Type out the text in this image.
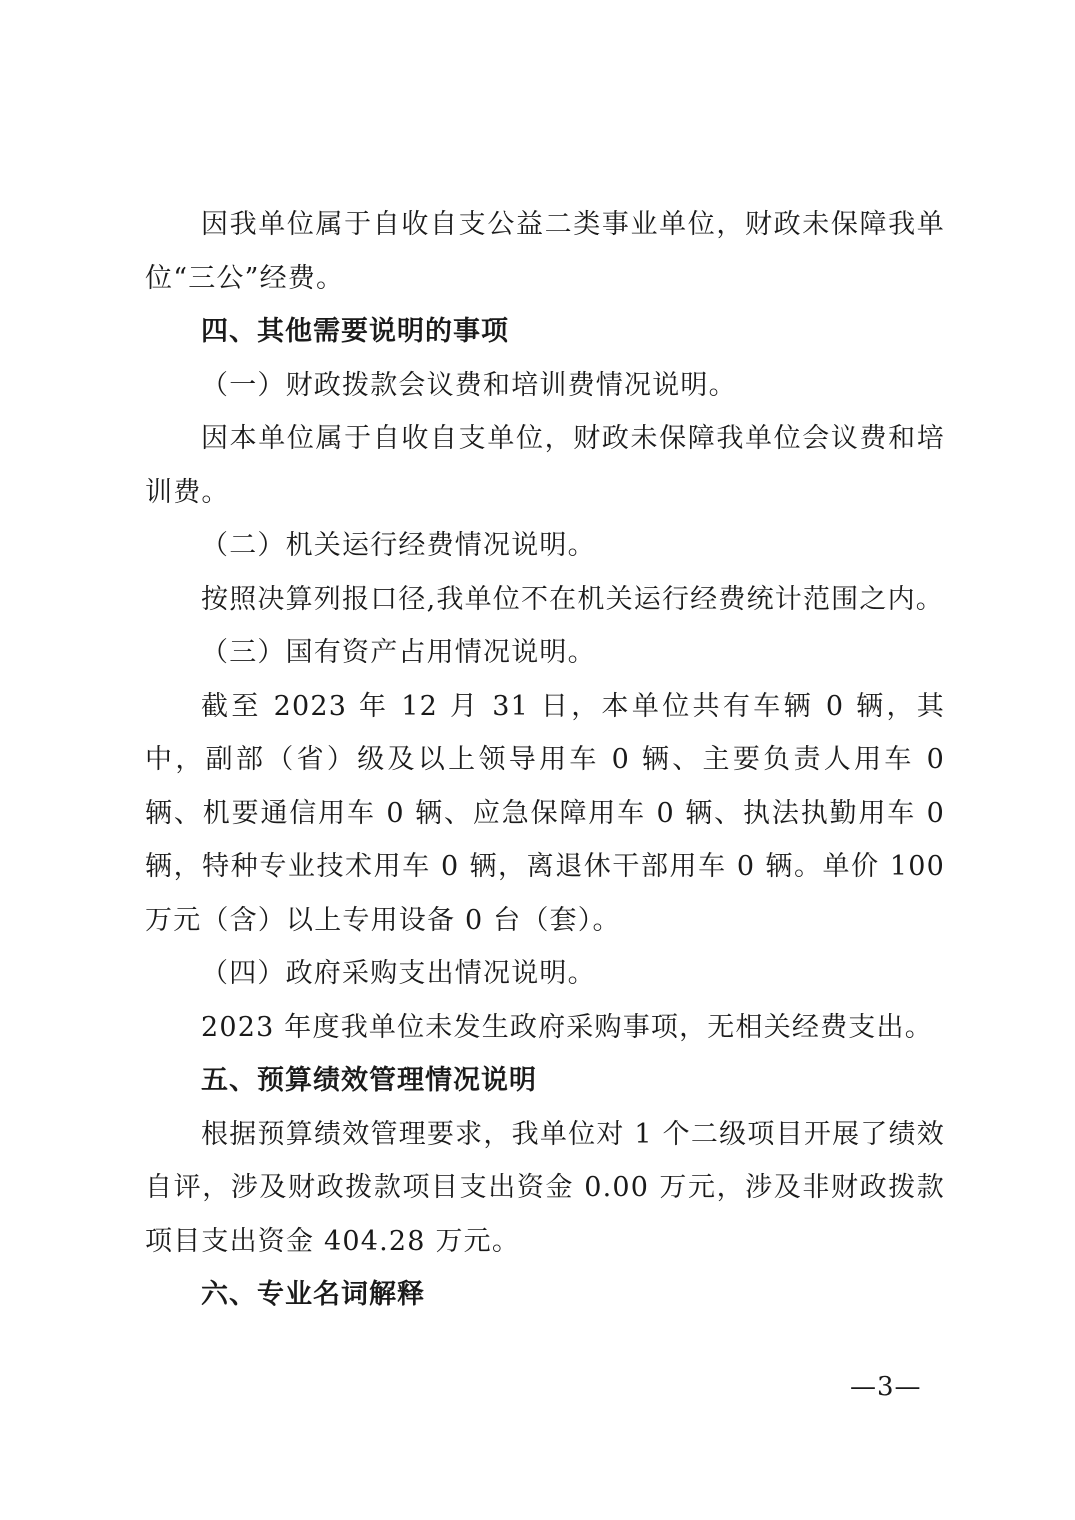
因我单位属于自收自支公益二类事业单位，财政未保障我单位“三公”经费。

四、其他需要说明的事项

（一）财政拨款会议费和培训费情况说明。

因本单位属于自收自支单位，财政未保障我单位会议费和培训费。

（二）机关运行经费情况说明。

按照决算列报口径,我单位不在机关运行经费统计范围之内。

（三）国有资产占用情况说明。

截至 2023 年 12 月 31 日，本单位共有车辆 0 辆，其中，副部（省）级及以上领导用车 0 辆、主要负责人用车 0 辆、机要通信用车 0 辆、应急保障用车 0 辆、执法执勤用车 0 辆，特种专业技术用车 0 辆，离退休干部用车 0 辆。单价 100 万元（含）以上专用设备 0 台（套）。

（四）政府采购支出情况说明。

2023 年度我单位未发生政府采购事项，无相关经费支出。

五、预算绩效管理情况说明

根据预算绩效管理要求，我单位对 1 个二级项目开展了绩效自评，涉及财政拨款项目支出资金 0.00 万元，涉及非财政拨款项目支出资金 404.28 万元。

六、专业名词解释

—3—
